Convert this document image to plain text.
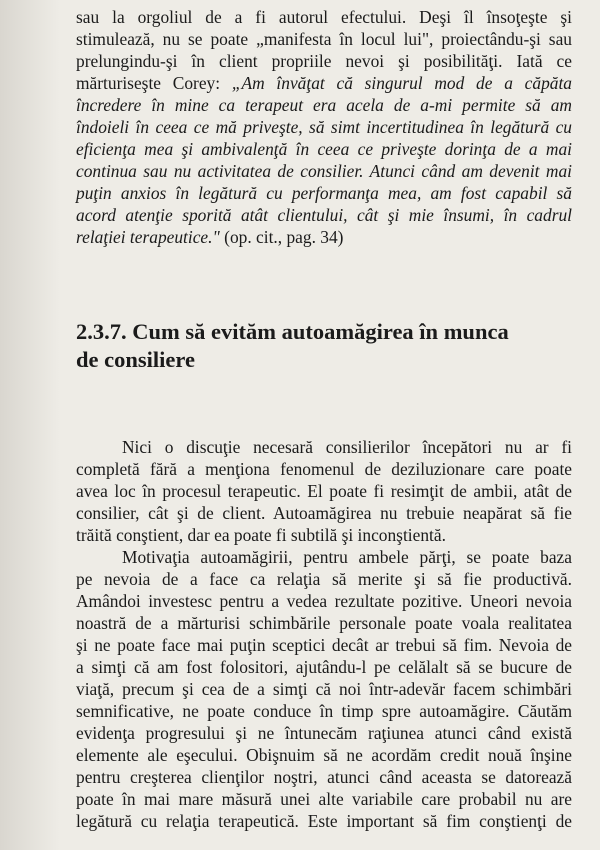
sau la orgoliul de a fi autorul efectului. Deşi îl însoţeşte şi
stimulează, nu se poate „manifesta în locul lui", proiectându-şi sau
prelungindu-şi în client propriile nevoi şi posibilităţi. Iată ce
mărturiseşte Corey: „Am învăţat că singurul mod de a căpăta
încredere în mine ca terapeut era acela de a-mi permite să am
îndoieli în ceea ce mă priveşte, să simt incertitudinea în legătură cu
eficienţa mea şi ambivalenţă în ceea ce priveşte dorinţa de a mai
continua sau nu activitatea de consilier. Atunci când am devenit mai
puţin anxios în legătură cu performanţa mea, am fost capabil să
acord atenţie sporită atât clientului, cât şi mie însumi, în cadrul
relaţiei terapeutice." (op. cit., pag. 34)
2.3.7. Cum să evităm autoamăgirea în munca
de consiliere
Nici o discuţie necesară consilierilor începători nu ar fi
completă fără a menţiona fenomenul de deziluzionare care poate
avea loc în procesul terapeutic. El poate fi resimţit de ambii, atât de
consilier, cât şi de client. Autoamăgirea nu trebuie neapărat să fie
trăită conştient, dar ea poate fi subtilă şi inconştientă.
Motivaţia autoamăgirii, pentru ambele părţi, se poate baza
pe nevoia de a face ca relaţia să merite şi să fie productivă.
Amândoi investesc pentru a vedea rezultate pozitive. Uneori nevoia
noastră de a mărturisi schimbările personale poate voala realitatea
şi ne poate face mai puţin sceptici decât ar trebui să fim. Nevoia de
a simţi că am fost folositori, ajutându-l pe celălalt să se bucure de
viaţă, precum şi cea de a simţi că noi într-adevăr facem schimbări
semnificative, ne poate conduce în timp spre autoamăgire. Căutăm
evidenţa progresului şi ne întunecăm raţiunea atunci când există
elemente ale eşecului. Obişnuim să ne acordăm credit nouă înşine
pentru creşterea clienţilor noştri, atunci când aceasta se datorează
poate în mai mare măsură unei alte variabile care probabil nu are
legătură cu relaţia terapeutică. Este important să fim conştienţi de
